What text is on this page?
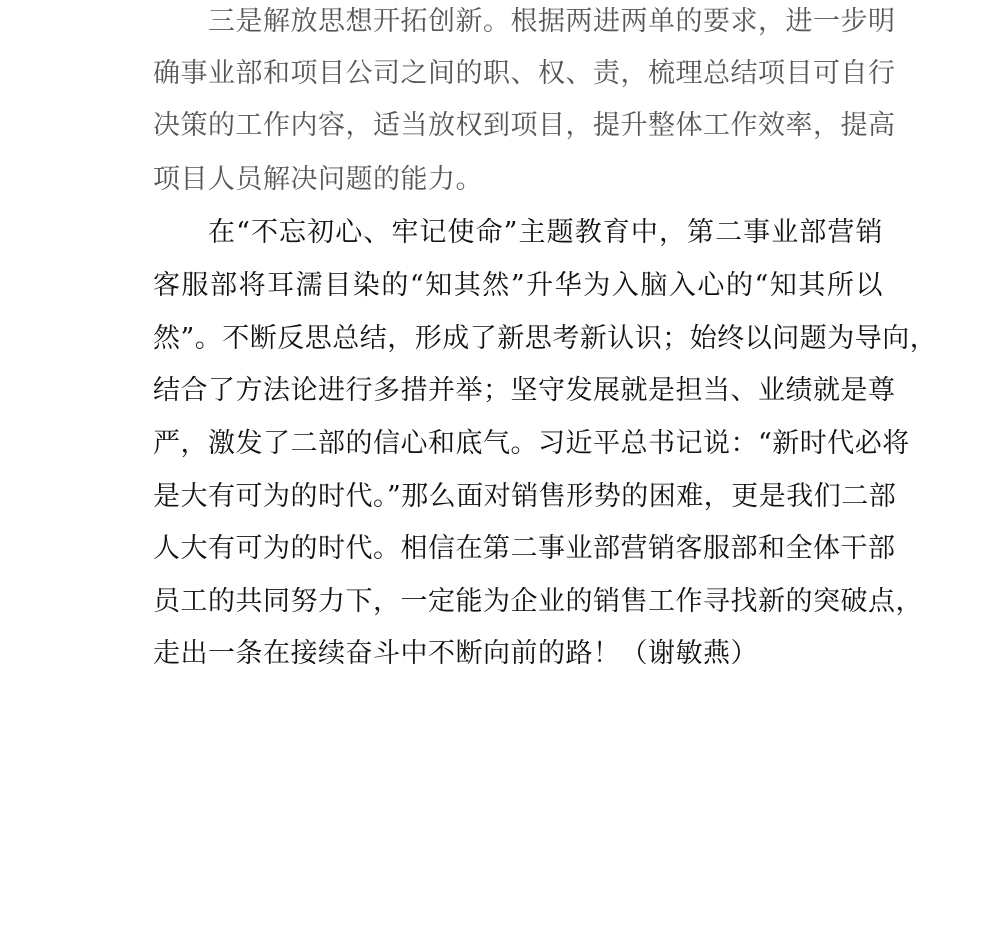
三是解放思想开拓创新。根据两进两单的要求，进一步明
确事业部和项目公司之间的职、权、责，梳理总结项目可自行
决策的工作内容，适当放权到项目，提升整体工作效率，提高
项目人员解决问题的能力。
在“不忘初心、牢记使命”主题教育中，第二事业部营销
客服部将耳濡目染的“知其然”升华为入脑入心的“知其所以
然”。不断反思总结，形成了新思考新认识；始终以问题为导向，
结合了方法论进行多措并举；坚守发展就是担当、业绩就是尊
严，激发了二部的信心和底气。习近平总书记说：“新时代必将
是大有可为的时代。”那么面对销售形势的困难，更是我们二部
人大有可为的时代。相信在第二事业部营销客服部和全体干部
员工的共同努力下，一定能为企业的销售工作寻找新的突破点，
走出一条在接续奋斗中不断向前的路！（谢敏燕）
